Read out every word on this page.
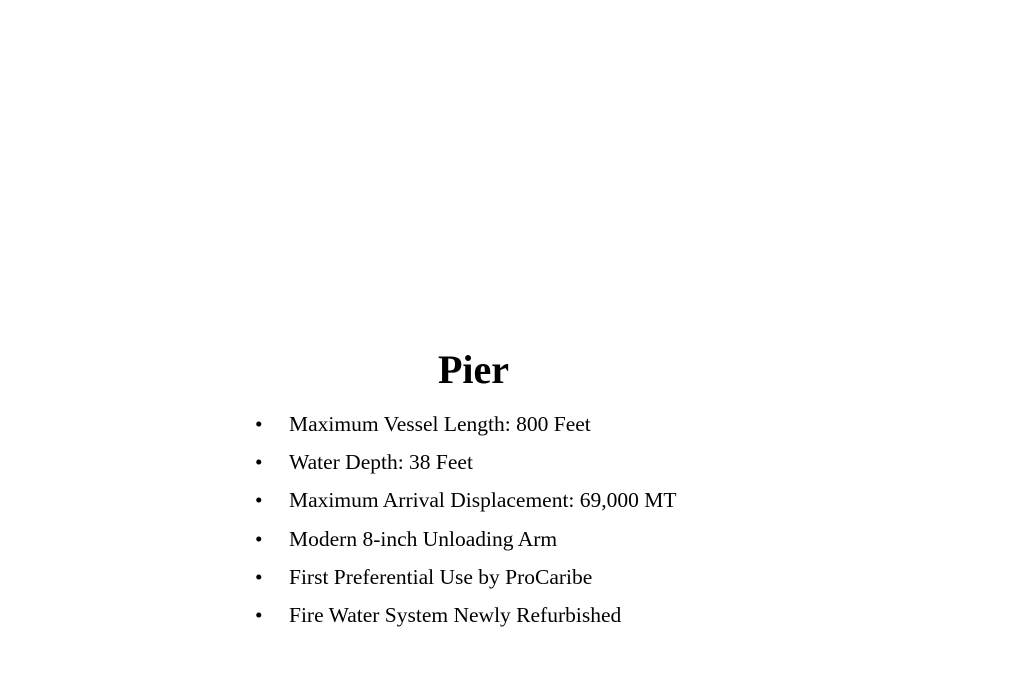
Pier
•	Maximum Vessel Length: 800 Feet
•	Water Depth: 38 Feet
•	Maximum Arrival Displacement: 69,000 MT
•	Modern 8-inch Unloading Arm
•	First Preferential Use by ProCaribe
•	Fire Water System Newly Refurbished
